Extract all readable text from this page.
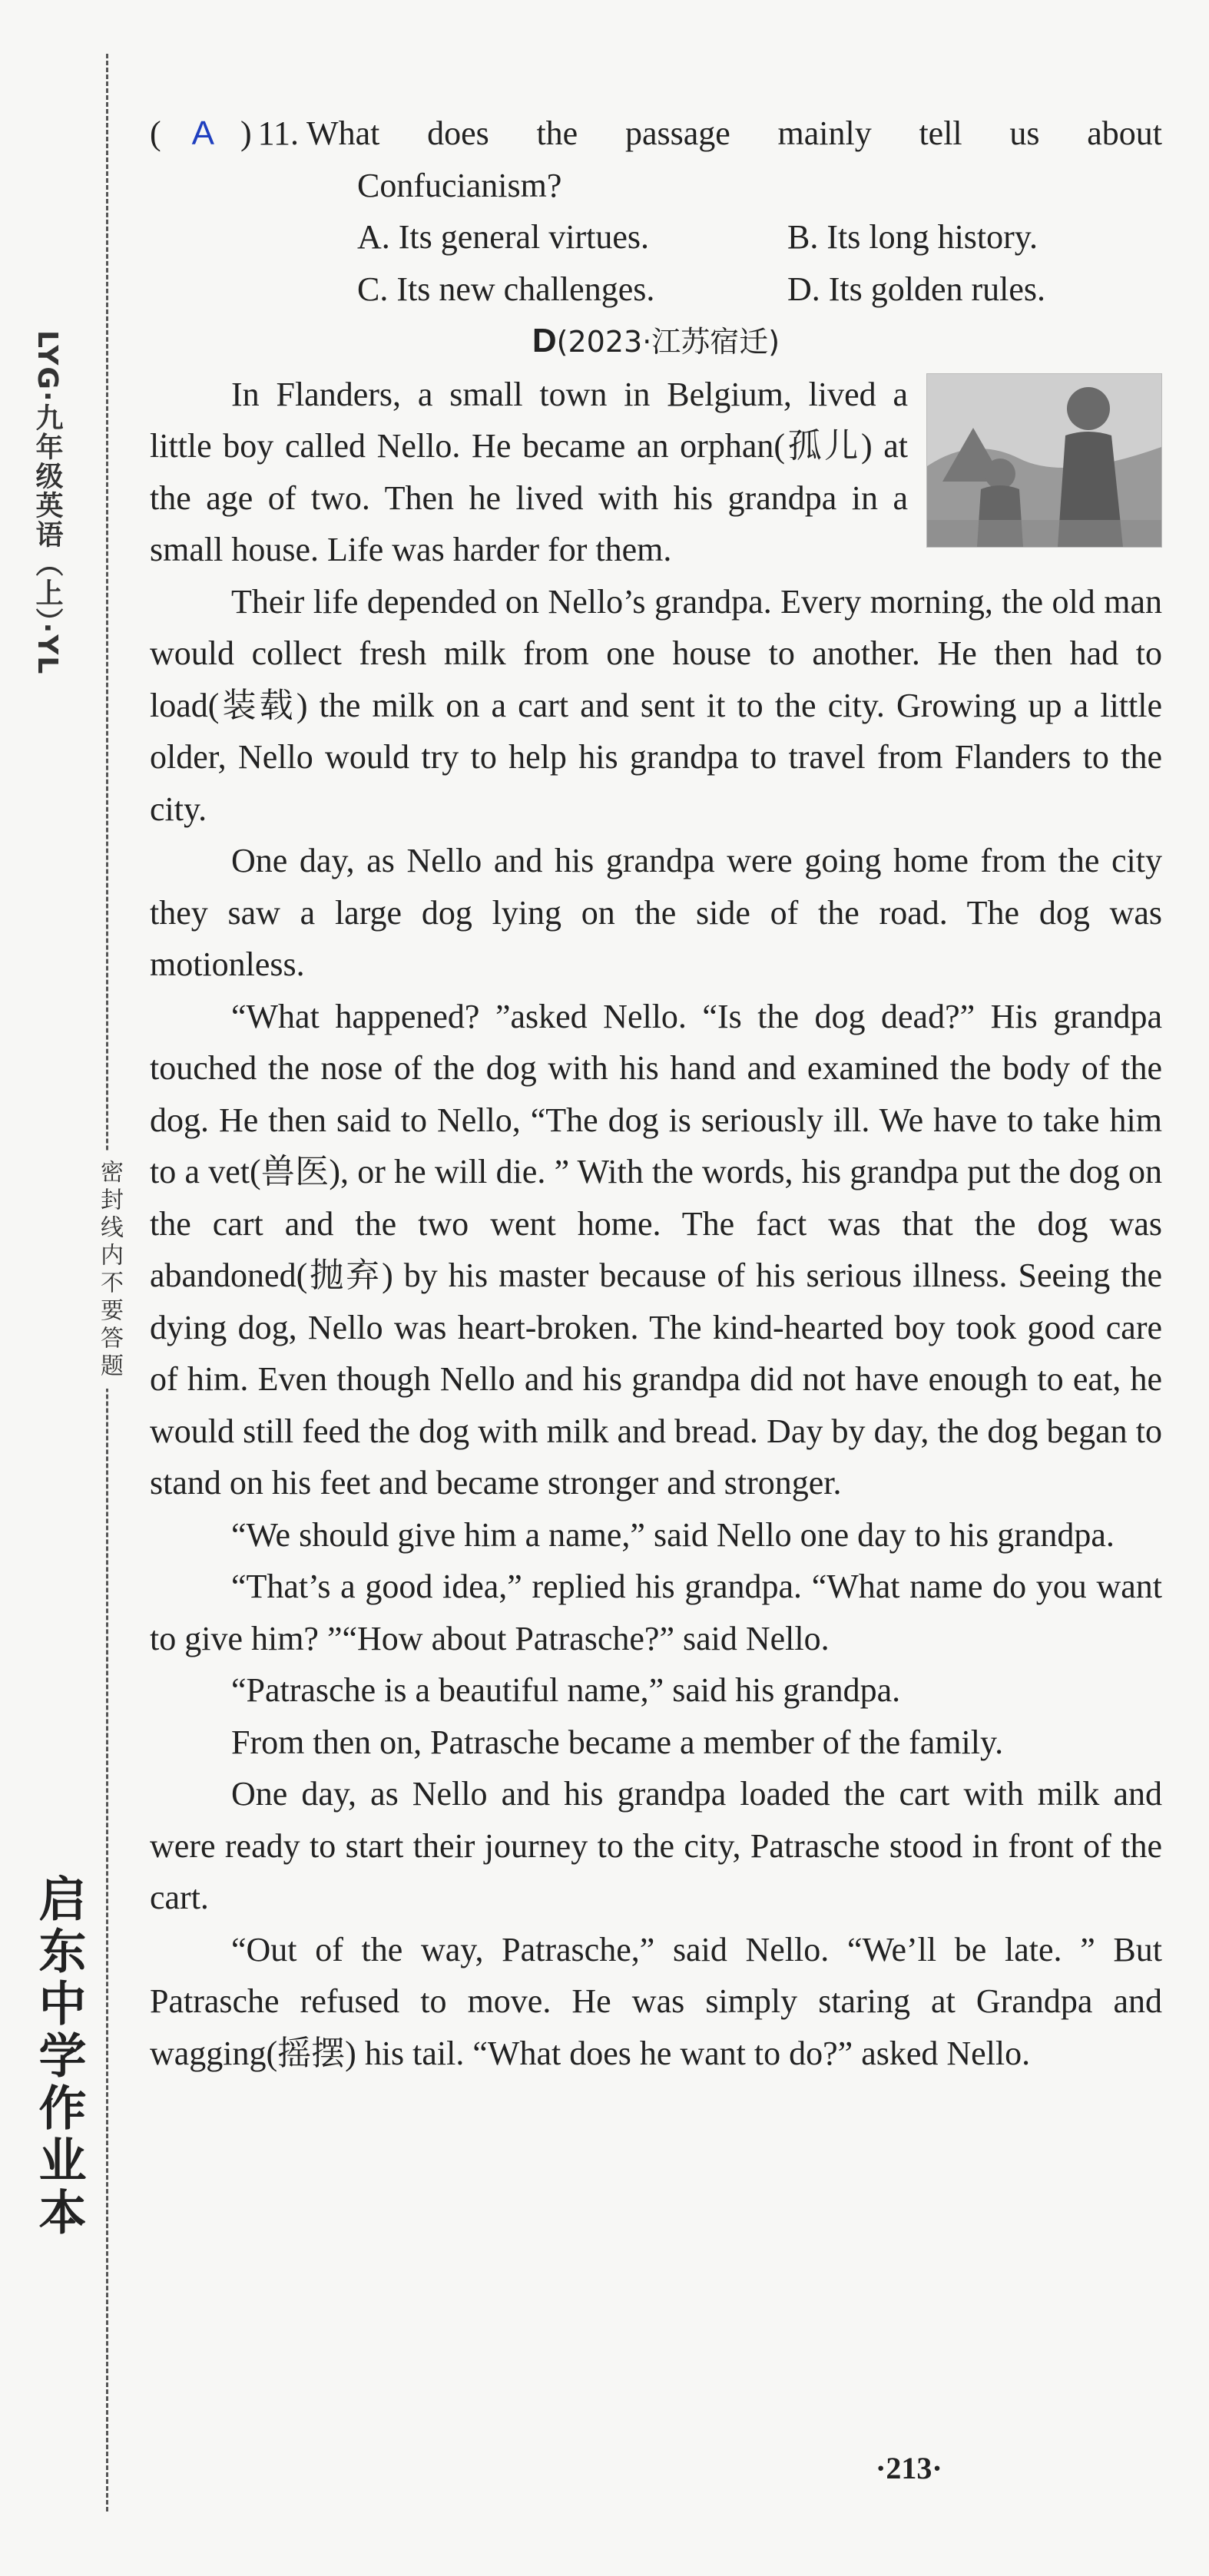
LYG·九年级英语（上）·YL
密封线内不要答题
启东中学作业本
( A ) 11. What does the passage mainly tell us about
Confucianism?
A. Its general virtues.	B. Its long history.
C. Its new challenges.	D. Its golden rules.
D(2023·江苏宿迁)

In Flanders, a small town in Belgium, lived a little boy called Nello. He became an orphan(孤儿) at the age of two. Then he lived with his grandpa in a small house. Life was harder for them.

Their life depended on Nello’s grandpa. Every morning, the old man would collect fresh milk from one house to another. He then had to load(装载) the milk on a cart and sent it to the city. Growing up a little older, Nello would try to help his grandpa to travel from Flanders to the city.

One day, as Nello and his grandpa were going home from the city they saw a large dog lying on the side of the road. The dog was motionless.

“What happened? ”asked Nello. “Is the dog dead?” His grandpa touched the nose of the dog with his hand and examined the body of the dog. He then said to Nello, “The dog is seriously ill. We have to take him to a vet(兽医), or he will die. ” With the words, his grandpa put the dog on the cart and the two went home. The fact was that the dog was abandoned(抛弃) by his master because of his serious illness. Seeing the dying dog, Nello was heart-broken. The kind-hearted boy took good care of him. Even though Nello and his grandpa did not have enough to eat, he would still feed the dog with milk and bread. Day by day, the dog began to stand on his feet and became stronger and stronger.

“We should give him a name,” said Nello one day to his grandpa.

“That’s a good idea,” replied his grandpa. “What name do you want to give him? ”“How about Patrasche?” said Nello.

“Patrasche is a beautiful name,” said his grandpa.

From then on, Patrasche became a member of the family.

One day, as Nello and his grandpa loaded the cart with milk and were ready to start their journey to the city, Patrasche stood in front of the cart.

“Out of the way, Patrasche,” said Nello. “We’ll be late. ” But Patrasche refused to move. He was simply staring at Grandpa and wagging(摇摆) his tail. “What does he want to do?” asked Nello.

·213·
